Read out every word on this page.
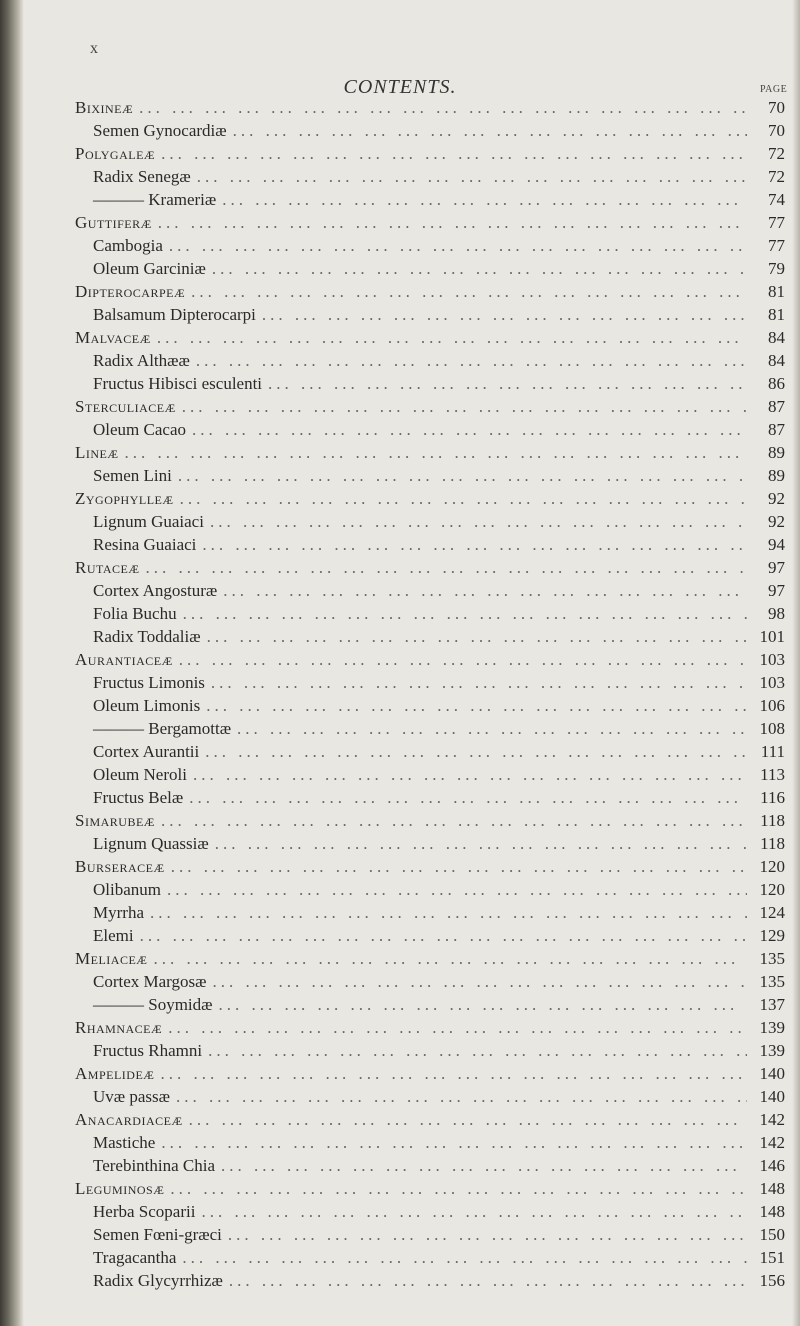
x
CONTENTS.	PAGE
Bixineæ ... .	70
Semen Gynocardiæ ... .	70
Polygaleæ ... .	72
Radix Senegæ ... .	72
——— Krameriæ ... .	74
Guttiferæ ... .	77
Cambogia ... .	77
Oleum Garciniæ ... .	79
Dipterocarpeæ ... .	81
Balsamum Dipterocarpi ... .	81
Malvaceæ ... .	84
Radix Althææ ... .	84
Fructus Hibisci esculenti ... .	86
Sterculiaceæ ... .	87
Oleum Cacao ... .	87
Lineæ ... .	89
Semen Lini ... .	89
Zygophylleæ ... .	92
Lignum Guaiaci ... .	92
Resina Guaiaci ... .	94
Rutaceæ ... .	97
Cortex Angosturæ ... .	97
Folia Buchu ... .	98
Radix Toddaliæ ... .	101
Aurantiaceæ ... .	103
Fructus Limonis ... .	103
Oleum Limonis ... .	106
——— Bergamottæ ... .	108
Cortex Aurantii ... .	111
Oleum Neroli ... .	113
Fructus Belæ ... .	116
Simarubeæ ... .	118
Lignum Quassiæ ... .	118
Burseraceæ ... .	120
Olibanum ... .	120
Myrrha ... .	124
Elemi ... .	129
Meliaceæ ... .	135
Cortex Margosæ ... .	135
——— Soymidæ ... .	137
Rhamnaceæ ... .	139
Fructus Rhamni ... .	139
Ampelideæ ... .	140
Uvæ passæ ... .	140
Anacardiaceæ ... .	142
Mastiche ... .	142
Terebinthina Chia ... .	146
Leguminosæ ... .	148
Herba Scoparii ... .	148
Semen Fœni-græci ... .	150
Tragacantha ... .	151
Radix Glycyrrhizæ ... .	156
